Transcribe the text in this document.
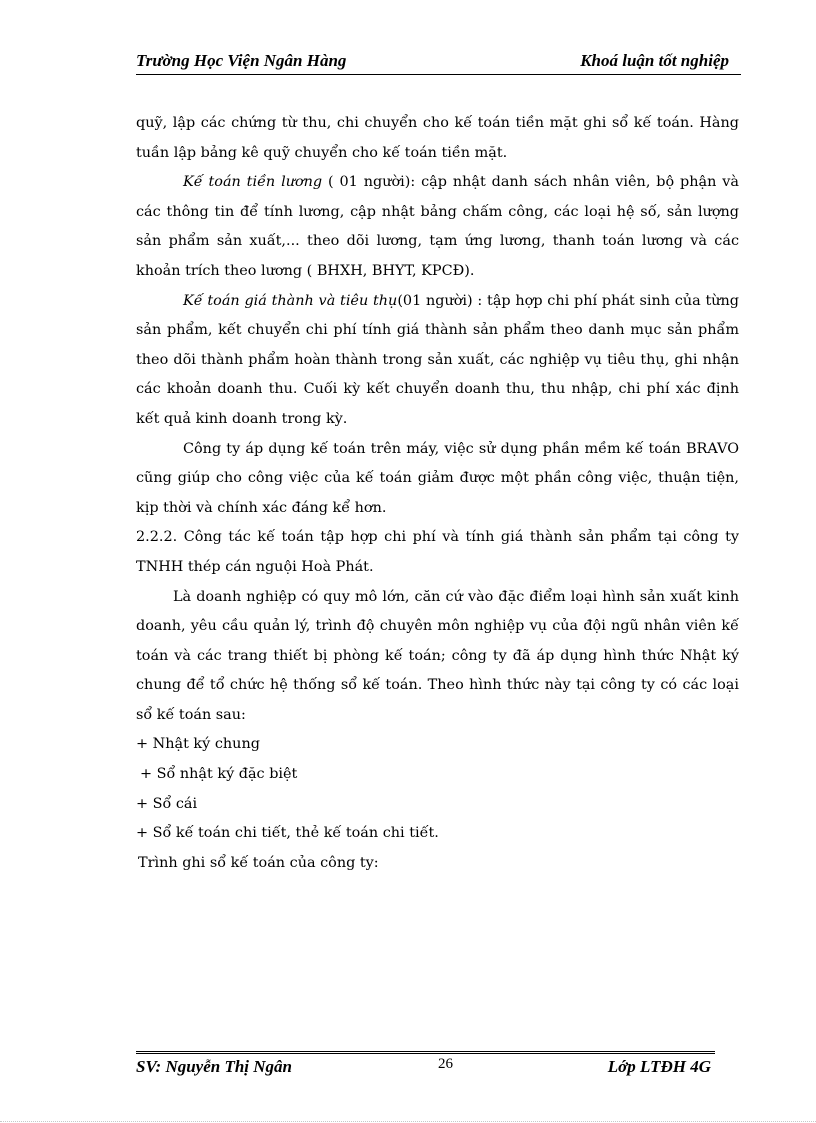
Trường Học Viện Ngân Hàng	Khoá luận tốt nghiệp

quỹ, lập các chứng từ thu, chi chuyển cho kế toán tiền mặt ghi sổ kế toán. Hàng tuần lập bảng kê quỹ chuyển cho kế toán tiền mặt.

Kế toán tiền lương ( 01 người): cập nhật danh sách nhân viên, bộ phận và các thông tin để tính lương, cập nhật bảng chấm công, các loại hệ số, sản lượng sản phẩm sản xuất,... theo dõi lương, tạm ứng lương, thanh toán lương và các khoản trích theo lương ( BHXH, BHYT, KPCĐ).

Kế toán giá thành và tiêu thụ(01 người) : tập hợp chi phí phát sinh của từng sản phẩm, kết chuyển chi phí tính giá thành sản phẩm theo danh mục sản phẩm theo dõi thành phẩm hoàn thành trong sản xuất, các nghiệp vụ tiêu thụ, ghi nhận các khoản doanh thu. Cuối kỳ kết chuyển doanh thu, thu nhập, chi phí xác định kết quả kinh doanh trong kỳ.

Công ty áp dụng kế toán trên máy, việc sử dụng phần mềm kế toán BRAVO cũng giúp cho công việc của kế toán giảm được một phần công việc, thuận tiện, kịp thời và chính xác đáng kể hơn.

2.2.2. Công tác kế toán tập hợp chi phí và tính giá thành sản phẩm tại công ty TNHH thép cán nguội Hoà Phát.

Là doanh nghiệp có quy mô lớn, căn cứ vào đặc điểm loại hình sản xuất kinh doanh, yêu cầu quản lý, trình độ chuyên môn nghiệp vụ của đội ngũ nhân viên kế toán và các trang thiết bị phòng kế toán; công ty đã áp dụng hình thức Nhật ký chung để tổ chức hệ thống sổ kế toán. Theo hình thức này tại công ty có các loại sổ kế toán sau:

+ Nhật ký chung

+ Sổ nhật ký đặc biệt

+ Sổ cái

+ Sổ kế toán chi tiết, thẻ kế toán chi tiết.

Trình ghi sổ kế toán của công ty:

SV: Nguyễn Thị Ngân	26	Lớp LTĐH 4G
